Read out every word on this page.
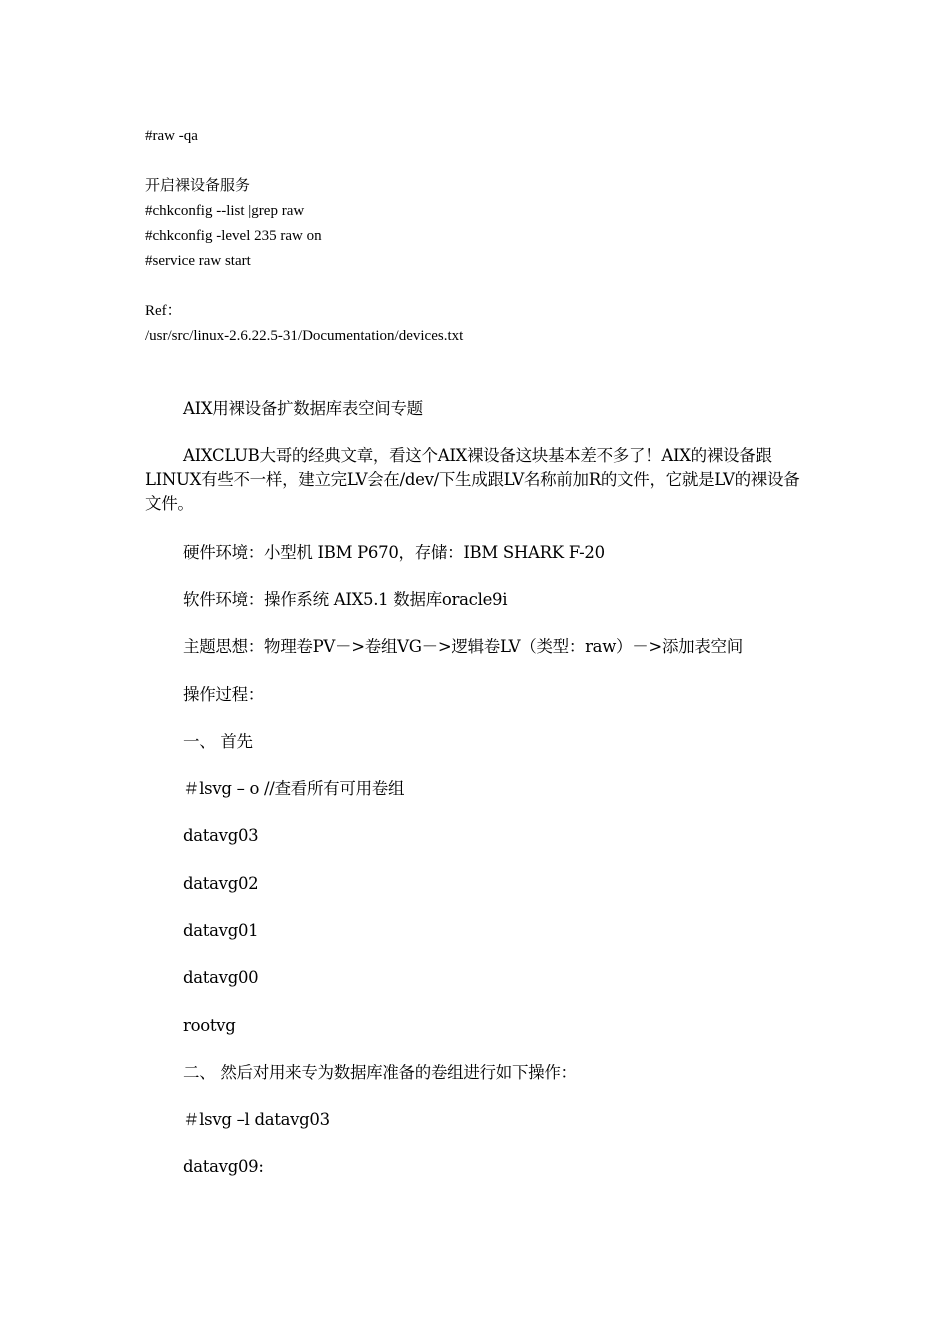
#raw -qa
开启裸设备服务
#chkconfig --list |grep raw
#chkconfig -level 235 raw on
#service raw start
Ref：
/usr/src/linux-2.6.22.5-31/Documentation/devices.txt
AIX用裸设备扩数据库表空间专题
AIXCLUB大哥的经典文章，看这个AIX裸设备这块基本差不多了！AIX的裸设备跟LINUX有些不一样，建立完LV会在/dev/下生成跟LV名称前加R的文件，它就是LV的裸设备文件。
硬件环境：小型机 IBM P670，存储：IBM SHARK F-20
软件环境：操作系统 AIX5.1 数据库oracle9i
主题思想：物理卷PV－>卷组VG－>逻辑卷LV（类型：raw）－>添加表空间
操作过程：
一、 首先
＃lsvg – o //查看所有可用卷组
datavg03
datavg02
datavg01
datavg00
rootvg
二、 然后对用来专为数据库准备的卷组进行如下操作：
＃lsvg –l datavg03
datavg09:
